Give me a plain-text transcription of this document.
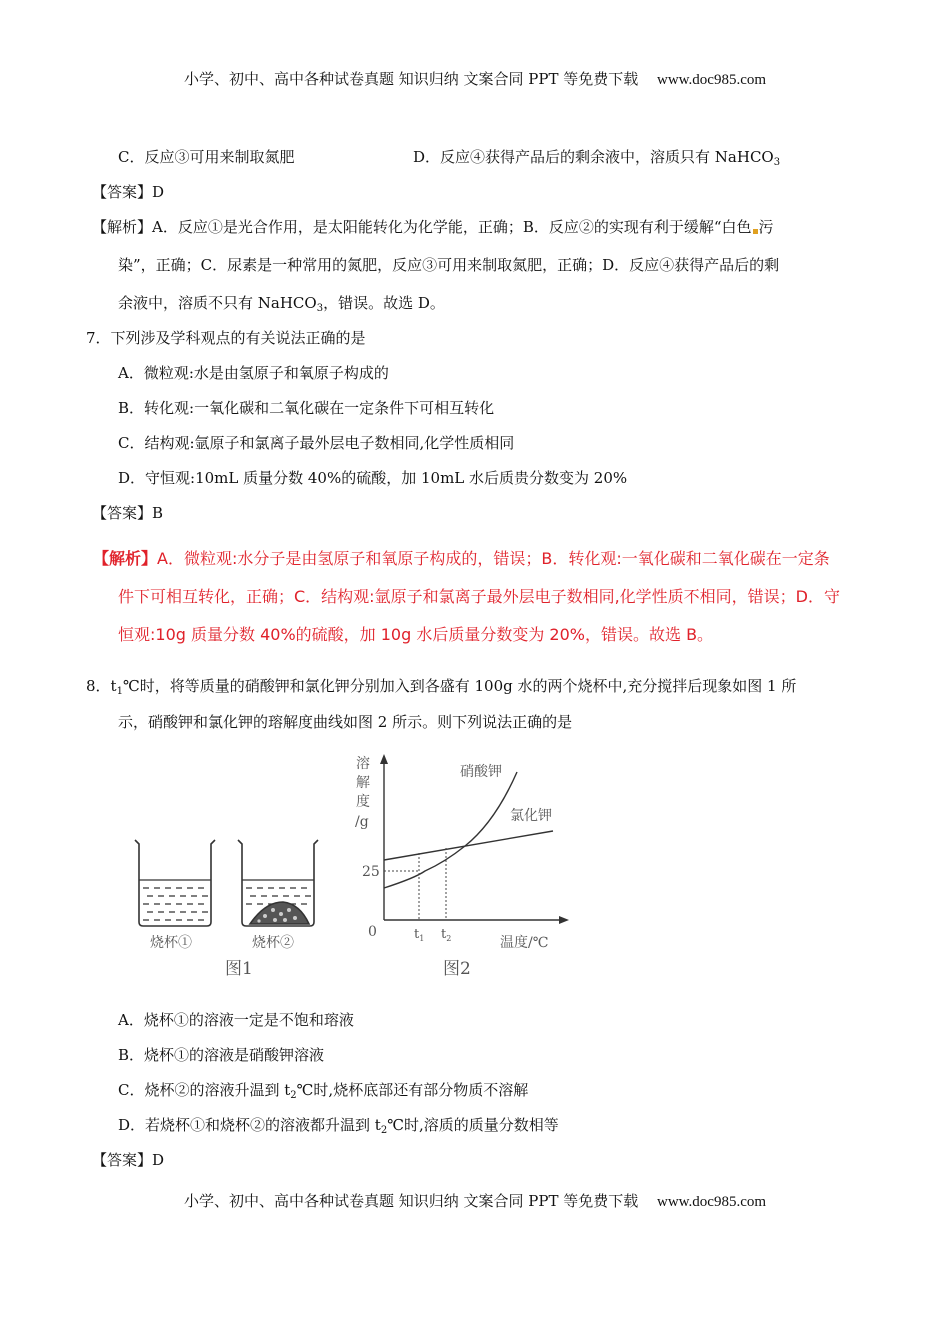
小学、初中、高中各种试卷真题 知识归纳 文案合同 PPT 等免费下载 www.doc985.com
C．反应③可用来制取氮肥	D．反应④获得产品后的剩余液中，溶质只有 NaHCO$_3$
【答案】D
【解析】A．反应①是光合作用，是太阳能转化为化学能，正确；B．反应②的实现有利于缓解“白色 污
染”，正确；C．尿素是一种常用的氮肥，反应③可用来制取氮肥，正确；D．反应④获得产品后的剩
余液中，溶质不只有 NaHCO$_3$，错误。故选 D。
7．下列涉及学科观点的有关说法正确的是
A．微粒观:水是由氢原子和氧原子构成的
B．转化观:一氧化碳和二氧化碳在一定条件下可相互转化
C．结构观:氩原子和氯离子最外层电子数相同,化学性质相同
D．守恒观:10mL 质量分数 40%的硫酸，加 10mL 水后质贵分数变为 20%
【答案】B
【解析】A．微粒观:水分子是由氢原子和氧原子构成的，错误；B．转化观:一氧化碳和二氧化碳在一定条
件下可相互转化，正确；C．结构观:氩原子和氯离子最外层电子数相同,化学性质不相同，错误；D．守
恒观:10g 质量分数 40%的硫酸，加 10g 水后质量分数变为 20%，错误。故选 B。
8．$t_1℃$时，将等质量的硝酸钾和氯化钾分别加入到各盛有 100g 水的两个烧杯中,充分搅拌后现象如图 1 所
示，硝酸钾和氯化钾的瑢解度曲线如图 2 所示。则下列说法正确的是
烧杯①	烧杯②
图1
溶
解
度
/g
25
0	$t_1$ $t_2$	温度/℃
硝酸钾
氯化钾
图2
A．烧杯①的溶液一定是不饱和瑢液
B．烧杯①的溶液是硝酸钾溶液
C．烧杯②的溶液升温到 $t_2℃$时,烧杯底部还有部分物质不溶解
D．若烧杯①和烧杯②的溶液都升温到 $t_2℃$时,溶质的质量分数相等
【答案】D
小学、初中、高中各种试卷真题 知识归纳 文案合同 PPT 等免费下载 www.doc985.com
